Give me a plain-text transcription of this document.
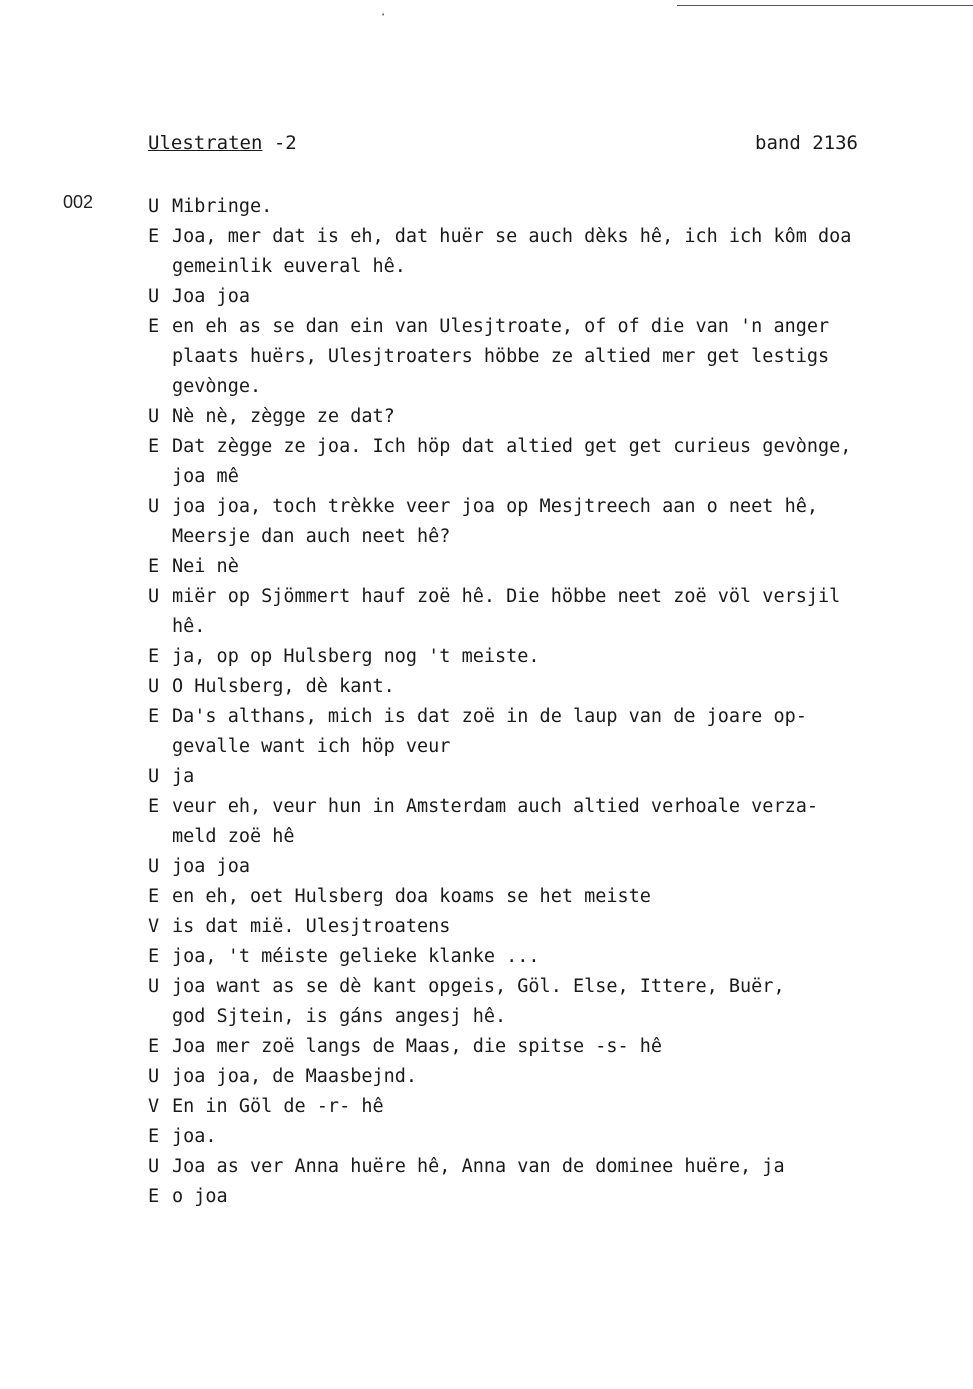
❛
Ulestraten -2	band 2136
002	U Mibringe.
E Joa, mer dat is eh, dat huër se auch dèks hê, ich ich kôm doa
gemeinlik euveral hê.
U Joa joa
E en eh as se dan ein van Ulesjtroate, of of die van 'n anger
plaats huërs, Ulesjtroaters höbbe ze altied mer get lestigs
gevònge.
U Nè nè, zègge ze dat?
E Dat zègge ze joa. Ich höp dat altied get get curieus gevònge,
joa mê
U joa joa, toch trèkke veer joa op Mesjtreech aan o neet hê,
Meersje dan auch neet hê?
E Nei nè
U miër op Sjömmert hauf zoë hê. Die höbbe neet zoë völ versjil
hê.
E ja, op op Hulsberg nog 't meiste.
U O Hulsberg, dè kant.
E Da's althans, mich is dat zoë in de laup van de joare op-
gevalle want ich höp veur
U ja
E veur eh, veur hun in Amsterdam auch altied verhoale verza-
meld zoë hê
U joa joa
E en eh, oet Hulsberg doa koams se het meiste
V is dat mië. Ulesjtroatens
E joa, 't méiste gelieke klanke ...
U joa want as se dè kant opgeis, Göl. Else, Ittere, Buër,
god Sjtein, is gáns angesj hê.
E Joa mer zoë langs de Maas, die spitse -s- hê
U joa joa, de Maasbejnd.
V En in Göl de -r- hê
E joa.
U Joa as ver Anna huëre hê, Anna van de dominee huëre, ja
E o joa
